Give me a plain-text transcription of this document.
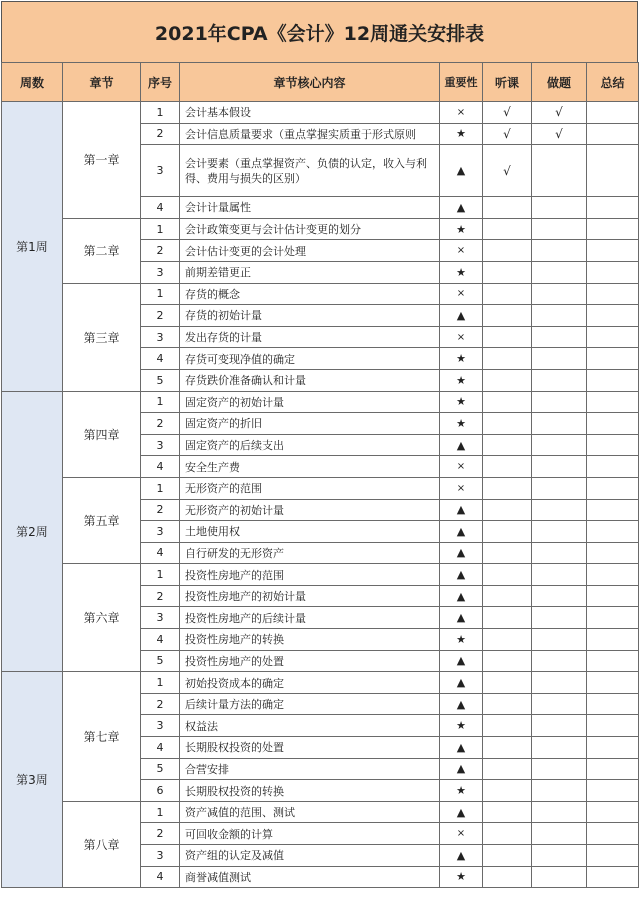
2021年CPA《会计》12周通关安排表
周数	章节	序号	章节核心内容	重要性	听课	做题	总结
第1周	第一章	1	会计基本假设	×	√	√	
		2	会计信息质量要求（重点掌握实质重于形式原则	★	√	√	
		3	会计要素（重点掌握资产、负债的认定，收入与利得、费用与损失的区别）	▲	√		
		4	会计计量属性	▲			
	第二章	1	会计政策变更与会计估计变更的划分	★			
		2	会计估计变更的会计处理	×			
		3	前期差错更正	★			
	第三章	1	存货的概念	×			
		2	存货的初始计量	▲			
		3	发出存货的计量	×			
		4	存货可变现净值的确定	★			
		5	存货跌价准备确认和计量	★			
第2周	第四章	1	固定资产的初始计量	★			
		2	固定资产的折旧	★			
		3	固定资产的后续支出	▲			
		4	安全生产费	×			
	第五章	1	无形资产的范围	×			
		2	无形资产的初始计量	▲			
		3	土地使用权	▲			
		4	自行研发的无形资产	▲			
	第六章	1	投资性房地产的范围	▲			
		2	投资性房地产的初始计量	▲			
		3	投资性房地产的后续计量	▲			
		4	投资性房地产的转换	★			
		5	投资性房地产的处置	▲			
第3周	第七章	1	初始投资成本的确定	▲			
		2	后续计量方法的确定	▲			
		3	权益法	★			
		4	长期股权投资的处置	▲			
		5	合营安排	▲			
		6	长期股权投资的转换	★			
	第八章	1	资产减值的范围、测试	▲			
		2	可回收金额的计算	×			
		3	资产组的认定及减值	▲			
		4	商誉减值测试	★			
